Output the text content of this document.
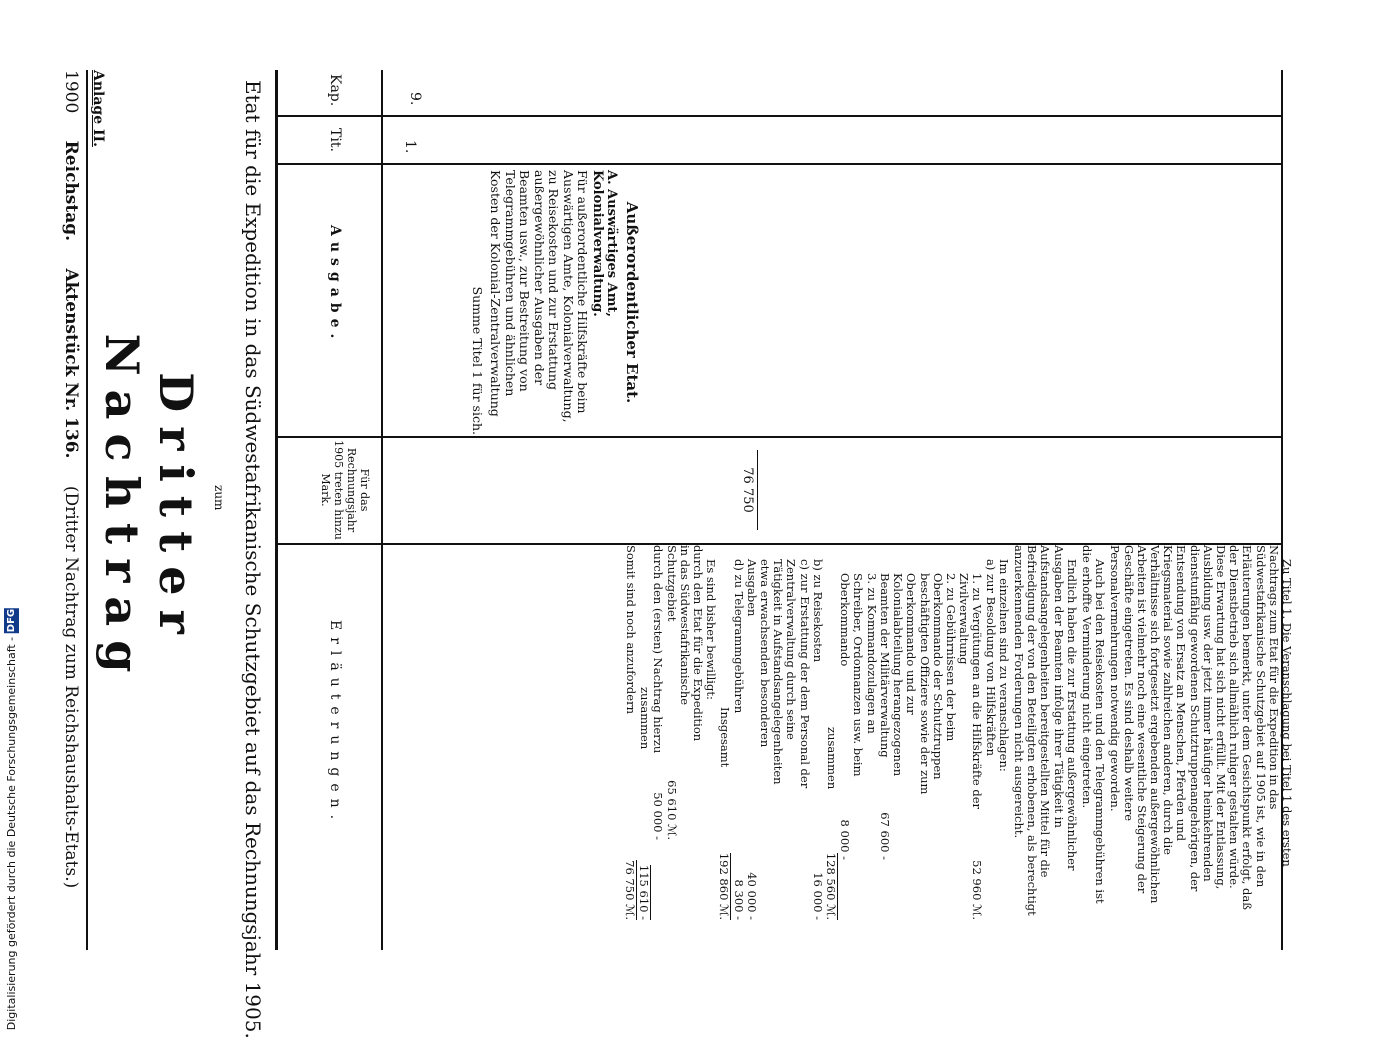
1900 Reichstag. Aktenstück Nr. 136. (Dritter Nachtrag zum Reichshaushalts-Etats.)
Anlage II.
Dritter Nachtrag	zum Etat für die Expedition in das Südwestafrikanische Schutzgebiet auf das Rechnungsjahr 1905.	Kap.
Tit.
Ausgabe.
Für das Rechnungsjahr 1905 treten hinzu
Mark.
Erläuterungen.
9.
1.
Außerordentlicher Etat.
A. Auswärtiges Amt, Kolonialverwaltung.
Für außerordentliche Hilfskräfte beim Auswärtigen Amte, Kolonialverwaltung, zu Reisekosten und zur Erstattung außergewöhnlicher Ausgaben der Beamten usw., zur Bestreitung von Telegrammgebühren und ähnlichen Kosten der Kolonial-Zentralverwaltung
Summe Titel 1 für sich.
76 750

Zu Titel 1. Die Veranschlagung bei Titel 1 des ersten Nachtrags zum Etat für die Expedition in das Südwestafrikanische Schutzgebiet auf 1905 ist, wie in den Erläuterungen bemerkt, unter dem Gesichtspunkt erfolgt, daß der Dienstbetrieb sich allmählich ruhiger gestalten würde. Diese Erwartung hat sich nicht erfüllt. Mit der Entlassung, Ausbildung usw. der jetzt immer häufiger heimkehrenden dienstunfähig gewordenen Schutztruppenangehörigen, der Entsendung von Ersatz an Menschen, Pferden und Kriegsmaterial sowie zahlreichen anderen, durch die Verhältnisse sich fortgesetzt ergebenden außergewöhnlichen Arbeiten ist vielmehr noch eine wesentliche Steigerung der Geschäfte eingetreten. Es sind deshalb weitere Personalvermehrungen notwendig geworden.

Auch bei den Reisekosten und den Telegrammgebühren ist die erhoffte Verminderung nicht eingetreten.

Endlich haben die zur Erstattung außergewöhnlicher Ausgaben der Beamten infolge ihrer Tätigkeit in Aufstandsangelegenheiten bereitgestellten Mittel für die Befriedigung der von den Beteiligten erhobenen, als berechtigt anzuerkennenden Forderungen nicht ausgereicht.

Im einzelnen sind zu veranschlagen:
a) zur Besoldung von Hilfskräften
1. zu Vergütungen an die Hilfskräfte der Zivilverwaltung
52 960 ℳ.
2. zu Gebührnissen der beim Oberkommando der Schutztruppen beschäftigten Offiziere sowie der zum Oberkommando und zur Kolonialabteilung herangezogenen Beamten der Militärverwaltung
67 600 ‑
3. zu Kommandozulagen an Schreiber, Ordonnanzen usw. beim Oberkommando
8 000 ‑
zusammen
128 560 ℳ.
b) zu Reisekosten
16 000 ‑
c) zur Erstattung der dem Personal der Zentralverwaltung durch seine Tätigkeit in Aufstandsangelegenheiten etwa erwachsenden besonderen Ausgaben
40 000 ‑
d) zu Telegrammgebühren
8 300 ‑
Insgesamt
192 860 ℳ.
Es sind bisher bewilligt:
durch den Etat für die Expedition in das Südwestafrikanische Schutzgebiet
65 610 ℳ.
durch den (ersten) Nachtrag hierzu
50 000 ‑
zusammen
115 610 ‑
Somit sind noch anzufordern
76 750 ℳ.
Digitalisierung gefördert durch die Deutsche Forschungsgemeinschaft - DFG
